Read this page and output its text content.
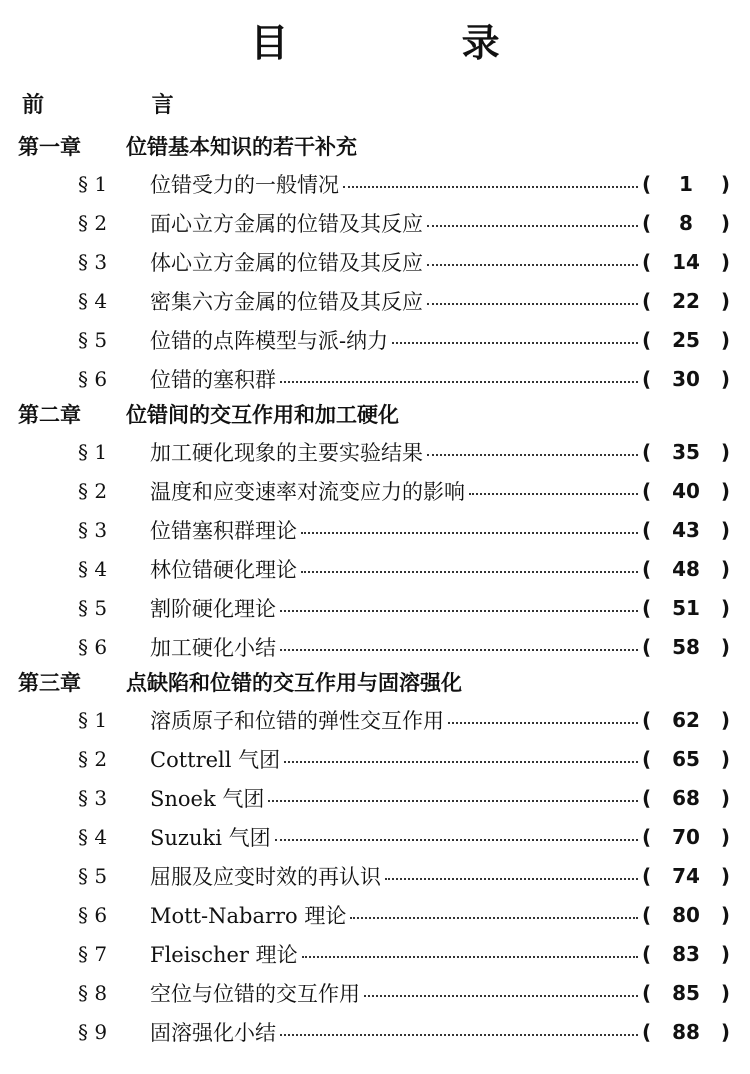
目 录
前 言
第一章 位错基本知识的若干补充
§ 1	位错受力的一般情况	(	1	)
§ 2	面心立方金属的位错及其反应	(	8	)
§ 3	体心立方金属的位错及其反应	(	14	)
§ 4	密集六方金属的位错及其反应	(	22	)
§ 5	位错的点阵模型与派-纳力	(	25	)
§ 6	位错的塞积群	(	30	)
第二章 位错间的交互作用和加工硬化
§ 1	加工硬化现象的主要实验结果	(	35	)
§ 2	温度和应变速率对流变应力的影响	(	40	)
§ 3	位错塞积群理论	(	43	)
§ 4	林位错硬化理论	(	48	)
§ 5	割阶硬化理论	(	51	)
§ 6	加工硬化小结	(	58	)
第三章 点缺陷和位错的交互作用与固溶强化
§ 1	溶质原子和位错的弹性交互作用	(	62	)
§ 2	Cottrell 气团	(	65	)
§ 3	Snoek 气团	(	68	)
§ 4	Suzuki 气团	(	70	)
§ 5	屈服及应变时效的再认识	(	74	)
§ 6	Mott-Nabarro 理论	(	80	)
§ 7	Fleischer 理论	(	83	)
§ 8	空位与位错的交互作用	(	85	)
§ 9	固溶强化小结	(	88	)
